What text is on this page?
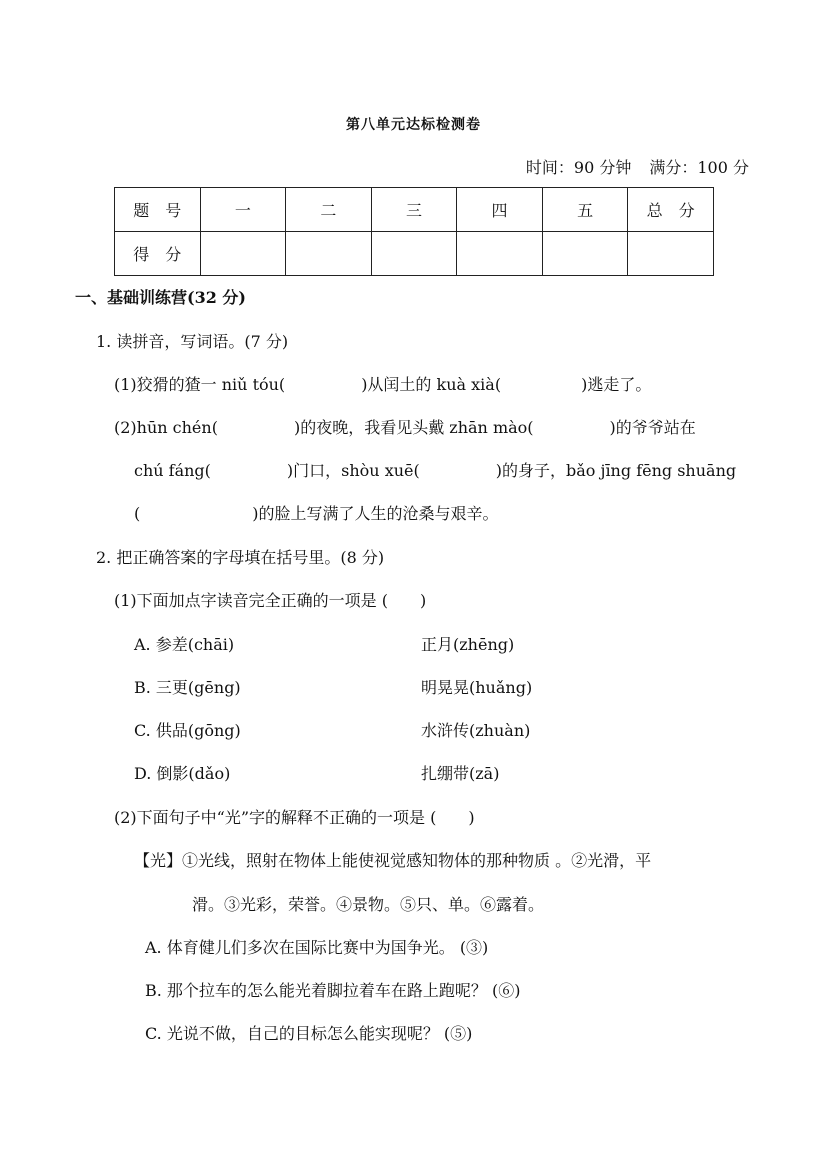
第八单元达标检测卷
时间：90 分钟 满分：100 分
题　号	一	二	三	四	五	总　分
得　分						
一、基础训练营(32 分)
1. 读拼音，写词语。(7 分)
(1)狡猾的猹一 niǔ tóu(	)从闰土的 kuà xià(	)逃走了。
(2)hūn chén(	)的夜晚，我看见头戴 zhān mào(	)的爷爷站在
chú fáng(	)门口，shòu xuē(	)的身子，bǎo jīng fēng shuāng
(	)的脸上写满了人生的沧桑与艰辛。
2. 把正确答案的字母填在括号里。(8 分)
(1)下面加点字读音完全正确的一项是 (　　)
A. 参差(chāi)	正月(zhēng)
B. 三更(gēng)	明晃晃(huǎng)
C. 供品(gōng)	水浒传(zhuàn)
D. 倒影(dǎo)	扎绷带(zā)
(2)下面句子中“光”字的解释不正确的一项是 (　　)
【光】①光线，照射在物体上能使视觉感知物体的那种物质 。②光滑，平
滑。③光彩，荣誉。④景物。⑤只、单。⑥露着。
A. 体育健儿们多次在国际比赛中为国争光。 (③)
B. 那个拉车的怎么能光着脚拉着车在路上跑呢？ (⑥)
C. 光说不做，自己的目标怎么能实现呢？ (⑤)
